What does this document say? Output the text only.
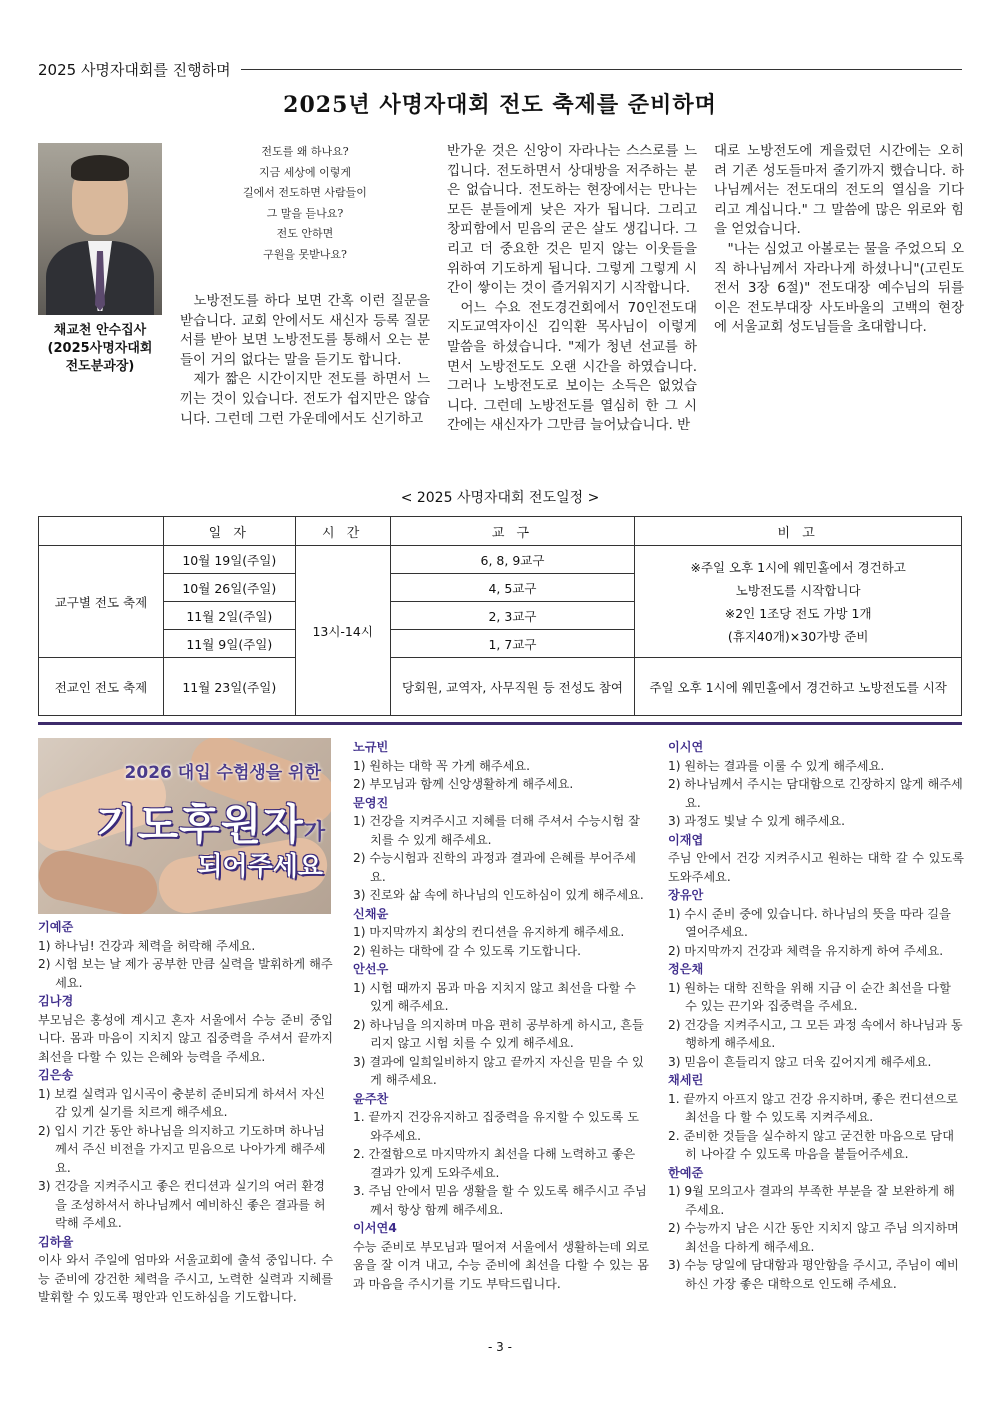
2025 사명자대회를 진행하며
2025년 사명자대회 전도 축제를 준비하며
채교천 안수집사
(2025사명자대회
전도분과장)
전도를 왜 하나요?
지금 세상에 이렇게
길에서 전도하면 사람들이
그 말을 듣나요?
전도 안하면
구원을 못받나요?

노방전도를 하다 보면 간혹 이런 질문을 받습니다. 교회 안에서도 새신자 등록 질문서를 받아 보면 노방전도를 통해서 오는 분들이 거의 없다는 말을 듣기도 합니다.

제가 짧은 시간이지만 전도를 하면서 느끼는 것이 있습니다. 전도가 쉽지만은 않습니다. 그런데 그런 가운데에서도 신기하고

반가운 것은 신앙이 자라나는 스스로를 느낍니다. 전도하면서 상대방을 저주하는 분은 없습니다. 전도하는 현장에서는 만나는 모든 분들에게 낮은 자가 됩니다. 그리고 창피함에서 믿음의 굳은 살도 생깁니다. 그리고 더 중요한 것은 믿지 않는 이웃들을 위하여 기도하게 됩니다. 그렇게 그렇게 시간이 쌓이는 것이 즐거워지기 시작합니다.

어느 수요 전도경건회에서 70인전도대 지도교역자이신 김익환 목사님이 이렇게 말씀을 하셨습니다. "제가 청년 선교를 하면서 노방전도도 오랜 시간을 하였습니다. 그러나 노방전도로 보이는 소득은 없었습니다. 그런데 노방전도를 열심히 한 그 시간에는 새신자가 그만큼 늘어났습니다. 반

대로 노방전도에 게을렀던 시간에는 오히려 기존 성도들마저 줄기까지 했습니다. 하나님께서는 전도대의 전도의 열심을 기다리고 계십니다." 그 말씀에 많은 위로와 힘을 얻었습니다.

"나는 심었고 아볼로는 물을 주었으되 오직 하나님께서 자라나게 하셨나니"(고린도전서 3장 6절)" 전도대장 예수님의 뒤를 이은 전도부대장 사도바울의 고백의 현장에 서울교회 성도님들을 초대합니다.

< 2025 사명자대회 전도일정 >
	일 자	시 간	교 구	비 고
교구별 전도 축제	10월 19일(주일)	13시-14시	6, 8, 9교구	※주일 오후 1시에 웨민홀에서 경건하고
노방전도를 시작합니다
※2인 1조당 전도 가방 1개
(휴지40개)×30가방 준비

	10월 26일(주일)		4, 5교구	
	11월 2일(주일)		2, 3교구	
	11월 9일(주일)		1, 7교구	
전교인 전도 축제	11월 23일(주일)		당회원, 교역자, 사무직원 등 전성도 참여	주일 오후 1시에 웨민홀에서 경건하고 노방전도를 시작
2026 대입 수험생을 위한
기도후원자가
되어주세요
기예준
1) 하나님! 건강과 체력을 허락해 주세요.
2) 시험 보는 날 제가 공부한 만큼 실력을 발휘하게 해주세요.
김나경
부모님은 홍성에 계시고 혼자 서울에서 수능 준비 중입니다. 몸과 마음이 지치지 않고 집중력을 주셔서 끝까지 최선을 다할 수 있는 은혜와 능력을 주세요.
김은송
1) 보컬 실력과 입시곡이 충분히 준비되게 하셔서 자신감 있게 실기를 치르게 해주세요.
2) 입시 기간 동안 하나님을 의지하고 기도하며 하나님께서 주신 비전을 가지고 믿음으로 나아가게 해주세요.
3) 건강을 지켜주시고 좋은 컨디션과 실기의 여러 환경을 조성하셔서 하나님께서 예비하신 좋은 결과를 허락해 주세요.
김하율
이사 와서 주일에 엄마와 서울교회에 출석 중입니다. 수능 준비에 강건한 체력을 주시고, 노력한 실력과 지혜를 발휘할 수 있도록 평안과 인도하심을 기도합니다.
노규빈
1) 원하는 대학 꼭 가게 해주세요.
2) 부모님과 함께 신앙생활하게 해주세요.
문영진
1) 건강을 지켜주시고 지혜를 더해 주셔서 수능시험 잘 치를 수 있게 해주세요.
2) 수능시험과 진학의 과정과 결과에 은혜를 부어주세요.
3) 진로와 삶 속에 하나님의 인도하심이 있게 해주세요.
신채윤
1) 마지막까지 최상의 컨디션을 유지하게 해주세요.
2) 원하는 대학에 갈 수 있도록 기도합니다.
안선우
1) 시험 때까지 몸과 마음 지치지 않고 최선을 다할 수 있게 해주세요.
2) 하나님을 의지하며 마음 편히 공부하게 하시고, 흔들리지 않고 시험 치를 수 있게 해주세요.
3) 결과에 일희일비하지 않고 끝까지 자신을 믿을 수 있게 해주세요.
윤주찬
1. 끝까지 건강유지하고 집중력을 유지할 수 있도록 도와주세요.
2. 간절함으로 마지막까지 최선을 다해 노력하고 좋은 결과가 있게 도와주세요.
3. 주님 안에서 믿음 생활을 할 수 있도록 해주시고 주님께서 항상 함께 해주세요.
이서연4
수능 준비로 부모님과 떨어져 서울에서 생활하는데 외로움을 잘 이겨 내고, 수능 준비에 최선을 다할 수 있는 몸과 마음을 주시기를 기도 부탁드립니다.
이시연
1) 원하는 결과를 이룰 수 있게 해주세요.
2) 하나님께서 주시는 담대함으로 긴장하지 않게 해주세요.
3) 과정도 빛날 수 있게 해주세요.
이재엽
주님 안에서 건강 지켜주시고 원하는 대학 갈 수 있도록 도와주세요.
장유안
1) 수시 준비 중에 있습니다. 하나님의 뜻을 따라 길을 열어주세요.
2) 마지막까지 건강과 체력을 유지하게 하여 주세요.
정은채
1) 원하는 대학 진학을 위해 지금 이 순간 최선을 다할 수 있는 끈기와 집중력을 주세요.
2) 건강을 지켜주시고, 그 모든 과정 속에서 하나님과 동행하게 해주세요.
3) 믿음이 흔들리지 않고 더욱 깊어지게 해주세요.
채세린
1. 끝까지 아프지 않고 건강 유지하며, 좋은 컨디션으로 최선을 다 할 수 있도록 지켜주세요.
2. 준비한 것들을 실수하지 않고 굳건한 마음으로 담대히 나아갈 수 있도록 마음을 붙들어주세요.
한예준
1) 9월 모의고사 결과의 부족한 부분을 잘 보완하게 해주세요.
2) 수능까지 남은 시간 동안 지치지 않고 주님 의지하며 최선을 다하게 해주세요.
3) 수능 당일에 담대함과 평안함을 주시고, 주님이 예비하신 가장 좋은 대학으로 인도해 주세요.
- 3 -
